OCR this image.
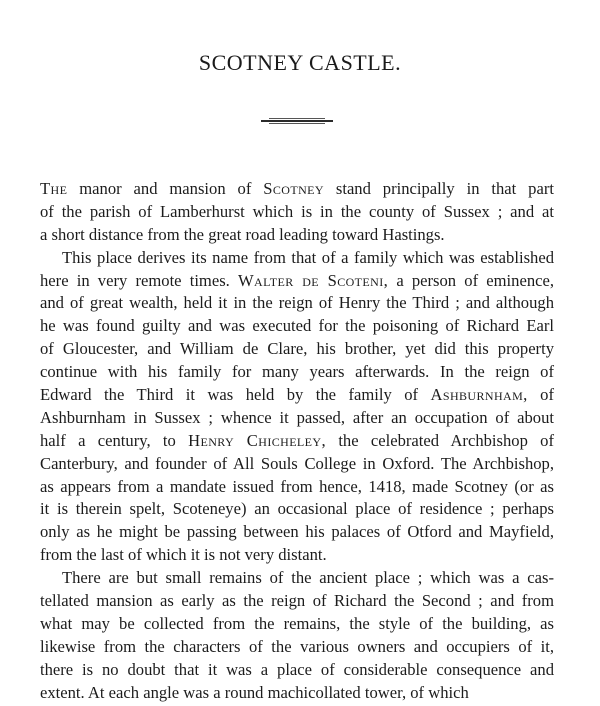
SCOTNEY CASTLE.
The manor and mansion of Scotney stand principally in that part
of the parish of Lamberhurst which is in the county of Sussex ; and at
a short distance from the great road leading toward Hastings.
This place derives its name from that of a family which was established
here in very remote times. Walter de Scoteni, a person of eminence,
and of great wealth, held it in the reign of Henry the Third ; and although
he was found guilty and was executed for the poisoning of Richard Earl
of Gloucester, and William de Clare, his brother, yet did this property
continue with his family for many years afterwards. In the reign of
Edward the Third it was held by the family of Ashburnham, of
Ashburnham in Sussex ; whence it passed, after an occupation of about
half a century, to Henry Chicheley, the celebrated Archbishop of
Canterbury, and founder of All Souls College in Oxford. The Archbishop,
as appears from a mandate issued from hence, 1418, made Scotney (or as
it is therein spelt, Scoteneye) an occasional place of residence ; perhaps
only as he might be passing between his palaces of Otford and Mayfield,
from the last of which it is not very distant.
There are but small remains of the ancient place ; which was a cas-
tellated mansion as early as the reign of Richard the Second ; and from
what may be collected from the remains, the style of the building, as
likewise from the characters of the various owners and occupiers of it,
there is no doubt that it was a place of considerable consequence and
extent. At each angle was a round machicollated tower, of which
